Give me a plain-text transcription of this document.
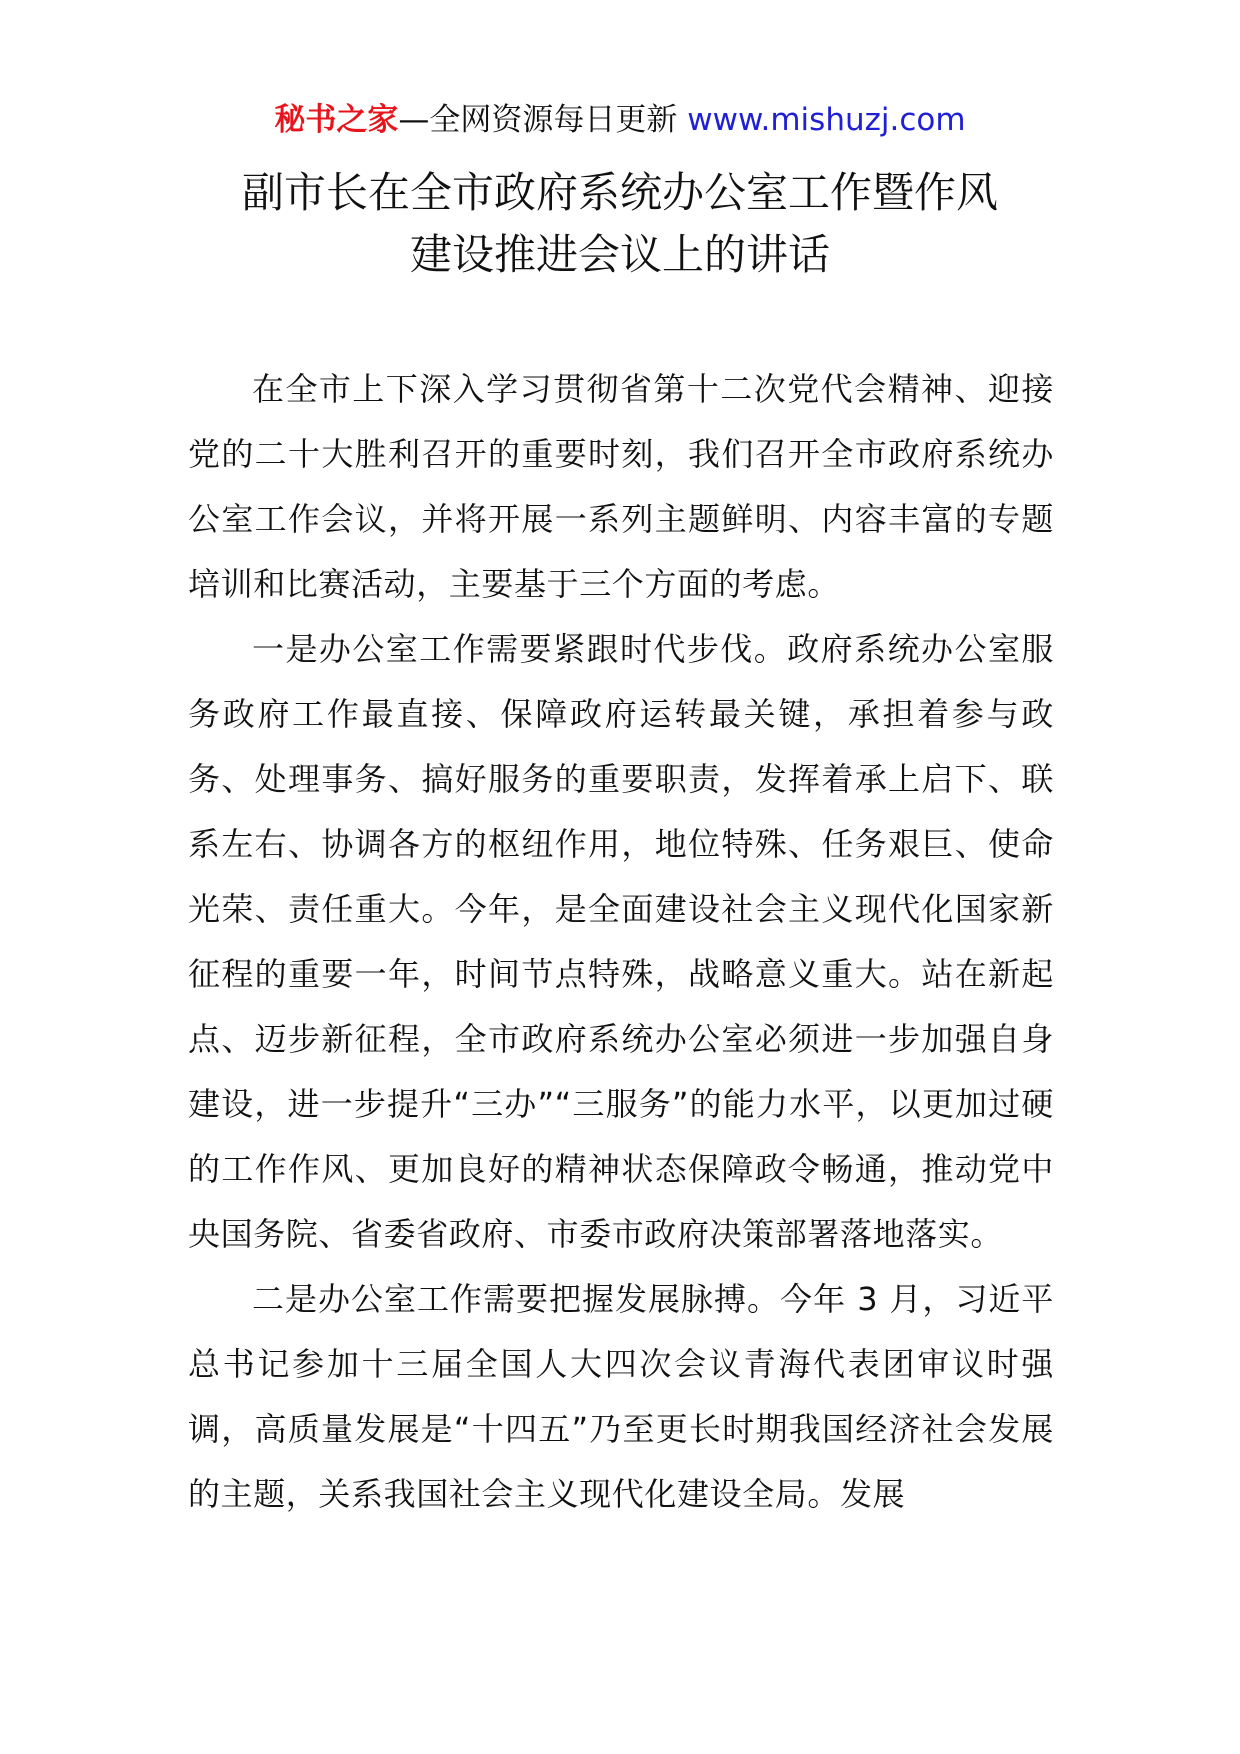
秘书之家—全网资源每日更新 www.mishuzj.com
副市长在全市政府系统办公室工作暨作风
建设推进会议上的讲话

在全市上下深入学习贯彻省第十二次党代会精神、迎接党的二十大胜利召开的重要时刻，我们召开全市政府系统办公室工作会议，并将开展一系列主题鲜明、内容丰富的专题培训和比赛活动，主要基于三个方面的考虑。

一是办公室工作需要紧跟时代步伐。政府系统办公室服务政府工作最直接、保障政府运转最关键，承担着参与政务、处理事务、搞好服务的重要职责，发挥着承上启下、联系左右、协调各方的枢纽作用，地位特殊、任务艰巨、使命光荣、责任重大。今年，是全面建设社会主义现代化国家新征程的重要一年，时间节点特殊，战略意义重大。站在新起点、迈步新征程，全市政府系统办公室必须进一步加强自身建设，进一步提升“三办”“三服务”的能力水平，以更加过硬的工作作风、更加良好的精神状态保障政令畅通，推动党中央国务院、省委省政府、市委市政府决策部署落地落实。

二是办公室工作需要把握发展脉搏。今年 3 月，习近平总书记参加十三届全国人大四次会议青海代表团审议时强调，高质量发展是“十四五”乃至更长时期我国经济社会发展的主题，关系我国社会主义现代化建设全局。发展
